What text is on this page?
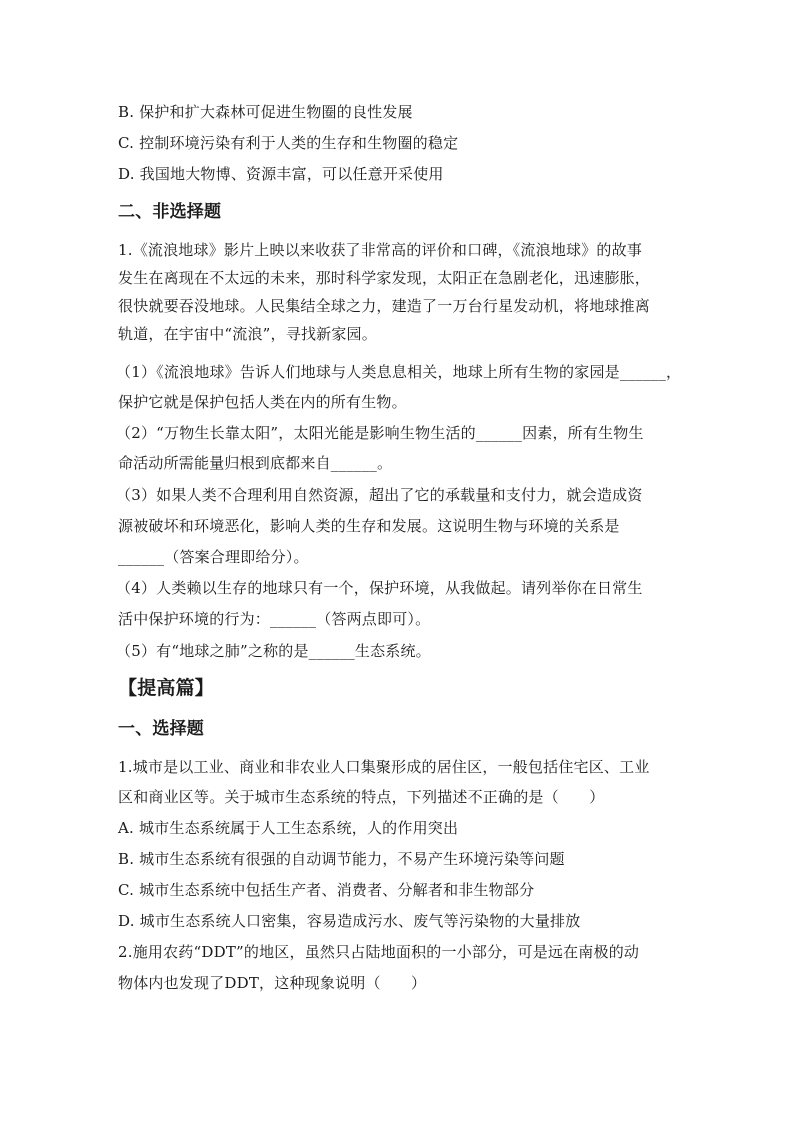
B. 保护和扩大森林可促进生物圈的良性发展
C. 控制环境污染有利于人类的生存和生物圈的稳定
D. 我国地大物博、资源丰富，可以任意开采使用
二、非选择题
1.《流浪地球》影片上映以来收获了非常高的评价和口碑，《流浪地球》的故事
发生在离现在不太远的未来，那时科学家发现，太阳正在急剧老化，迅速膨胀，
很快就要吞没地球。人民集结全球之力，建造了一万台行星发动机，将地球推离
轨道，在宇宙中“流浪”，寻找新家园。
（1）《流浪地球》告诉人们地球与人类息息相关，地球上所有生物的家园是______，
保护它就是保护包括人类在内的所有生物。
（2）“万物生长靠太阳”，太阳光能是影响生物生活的______因素，所有生物生
命活动所需能量归根到底都来自______。
（3）如果人类不合理利用自然资源，超出了它的承载量和支付力，就会造成资
源被破坏和环境恶化，影响人类的生存和发展。这说明生物与环境的关系是
______（答案合理即给分）。
（4）人类赖以生存的地球只有一个，保护环境，从我做起。请列举你在日常生
活中保护环境的行为：______（答两点即可）。
（5）有“地球之肺”之称的是______生态系统。
【提高篇】
一、选择题
1.城市是以工业、商业和非农业人口集聚形成的居住区，一般包括住宅区、工业
区和商业区等。关于城市生态系统的特点，下列描述不正确的是（　　）
A. 城市生态系统属于人工生态系统，人的作用突出
B. 城市生态系统有很强的自动调节能力，不易产生环境污染等问题
C. 城市生态系统中包括生产者、消费者、分解者和非生物部分
D. 城市生态系统人口密集，容易造成污水、废气等污染物的大量排放
2.施用农药“DDT”的地区，虽然只占陆地面积的一小部分，可是远在南极的动
物体内也发现了DDT，这种现象说明（　　）
